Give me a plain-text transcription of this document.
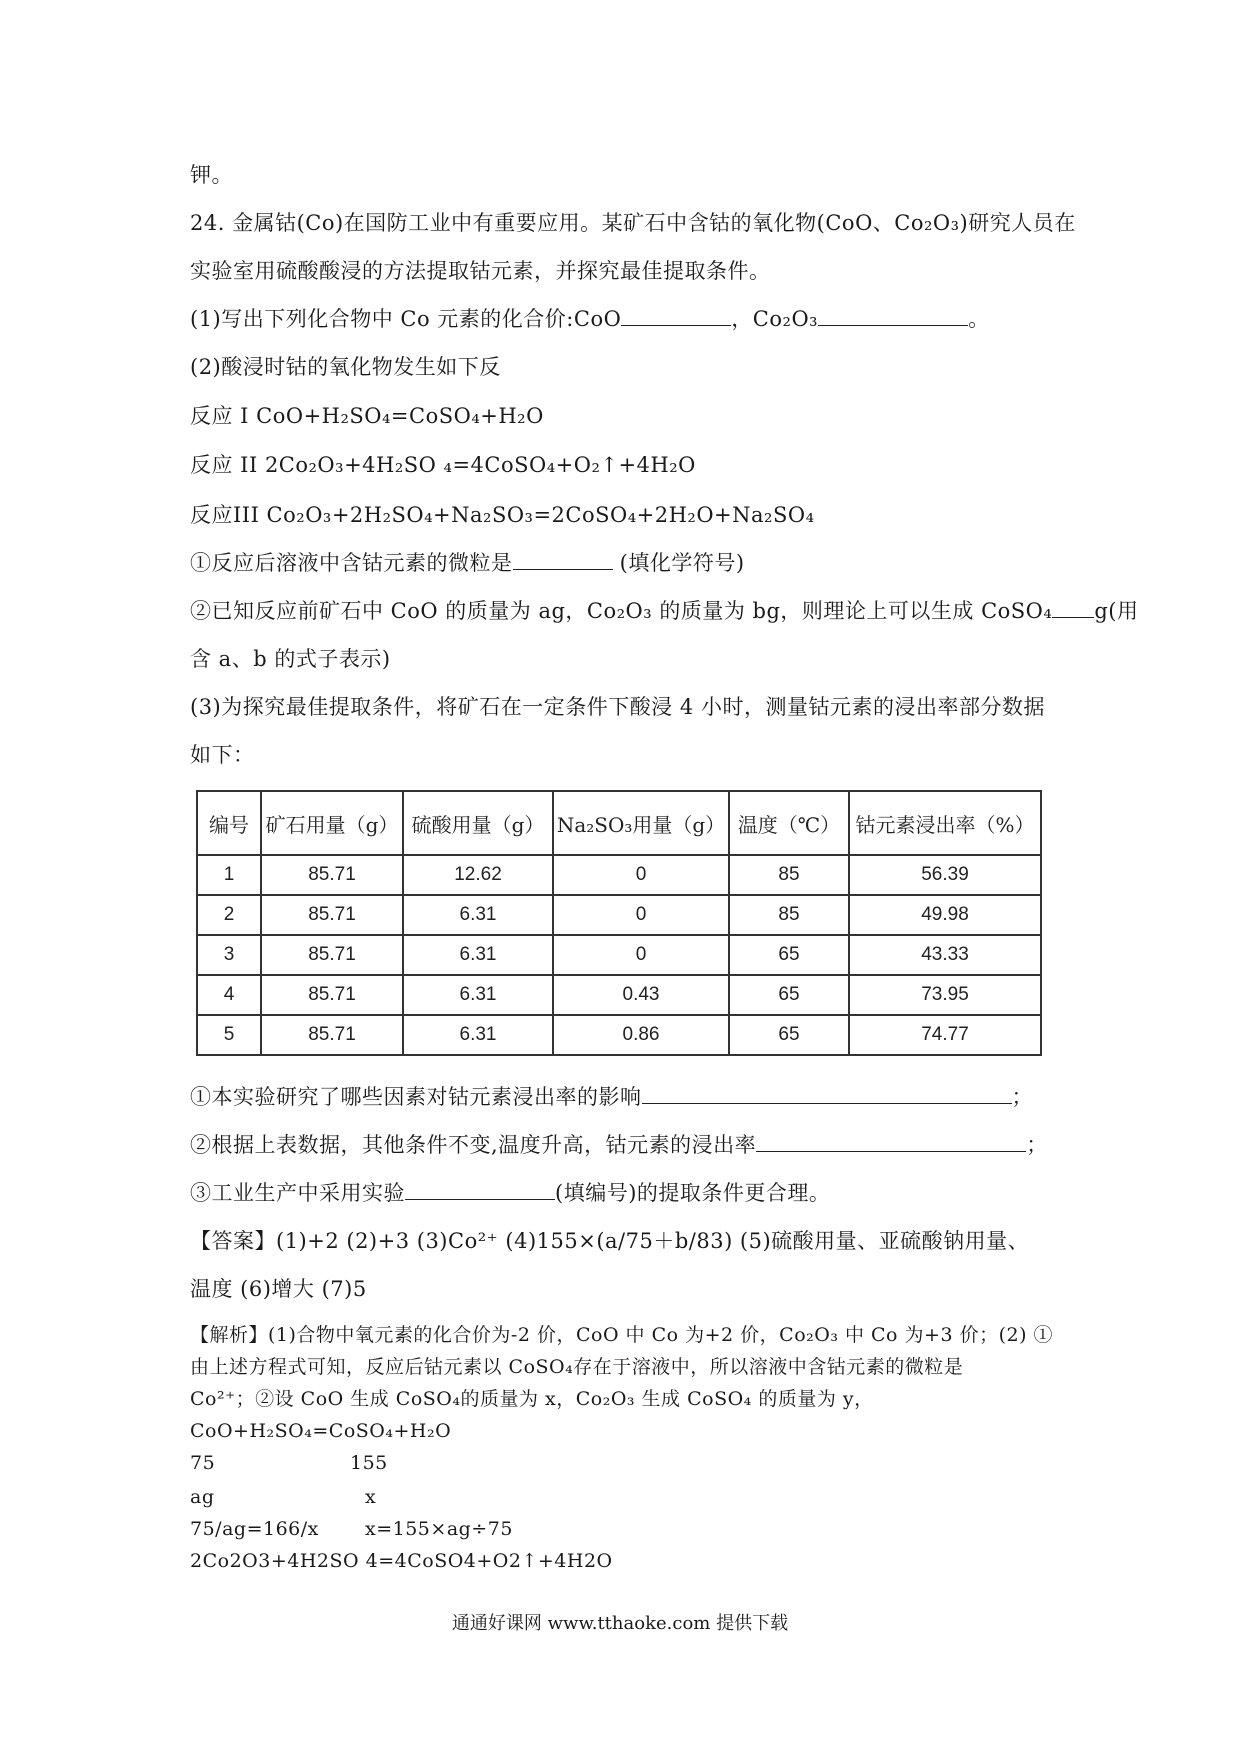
钾。
24. 金属钴(Co)在国防工业中有重要应用。某矿石中含钴的氧化物(CoO、Co₂O₃)研究人员在
实验室用硫酸酸浸的方法提取钴元素，并探究最佳提取条件。
(1)写出下列化合物中 Co 元素的化合价:CoO	，Co₂O₃	。
(2)酸浸时钴的氧化物发生如下反
反应 I CoO+H₂SO₄=CoSO₄+H₂O
反应 II 2Co₂O₃+4H₂SO ₄=4CoSO₄+O₂↑+4H₂O
反应III Co₂O₃+2H₂SO₄+Na₂SO₃=2CoSO₄+2H₂O+Na₂SO₄
①反应后溶液中含钴元素的微粒是	(填化学符号)
②已知反应前矿石中 CoO 的质量为 ag，Co₂O₃ 的质量为 bg，则理论上可以生成 CoSO₄ g(用
含 a、b 的式子表示)
(3)为探究最佳提取条件，将矿石在一定条件下酸浸 4 小时，测量钴元素的浸出率部分数据
如下：
编号	矿石用量（g）	硫酸用量（g）	Na₂SO₃用量（g）	温度（℃）	钴元素浸出率（%）
1	85.71	12.62	0	85	56.39
2	85.71	6.31	0	85	49.98
3	85.71	6.31	0	65	43.33
4	85.71	6.31	0.43	65	73.95
5	85.71	6.31	0.86	65	74.77
①本实验研究了哪些因素对钴元素浸出率的影响	；
②根据上表数据，其他条件不变,温度升高，钴元素的浸出率	；
③工业生产中采用实验	(填编号)的提取条件更合理。
【答案】(1)+2 (2)+3 (3)Co²⁺ (4)155×(a/75＋b/83) (5)硫酸用量、亚硫酸钠用量、
温度 (6)增大 (7)5
【解析】(1)合物中氧元素的化合价为-2 价，CoO 中 Co 为+2 价，Co₂O₃ 中 Co 为+3 价；(2) ①
由上述方程式可知，反应后钴元素以 CoSO₄存在于溶液中，所以溶液中含钴元素的微粒是
Co²⁺；②设 CoO 生成 CoSO₄的质量为 x，Co₂O₃ 生成 CoSO₄ 的质量为 y，
CoO+H₂SO₄=CoSO₄+H₂O
75	155
ag	x
75/ag=166/x x=155×ag÷75
2Co2O3+4H2SO 4=4CoSO4+O2↑+4H2O
通通好课网 www.tthaoke.com 提供下载
